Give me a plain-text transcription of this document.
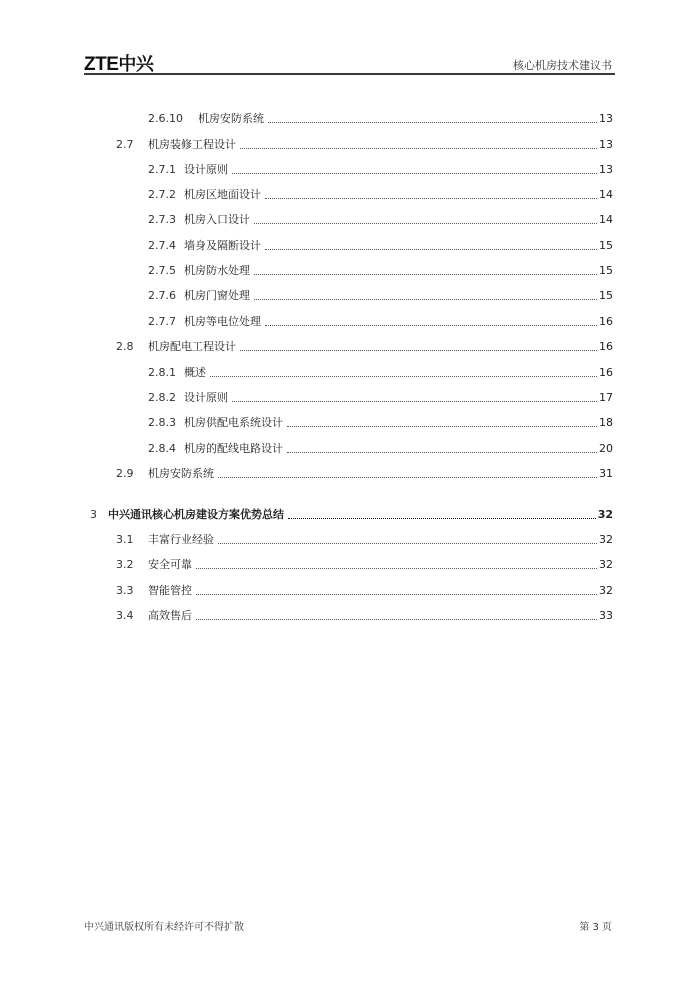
ZTE中兴	核心机房技术建议书
2.6.10	机房安防系统	13
2.7	机房装修工程设计	13
2.7.1 设计原则	13
2.7.2 机房区地面设计	14
2.7.3 机房入口设计	14
2.7.4 墙身及隔断设计	15
2.7.5 机房防水处理	15
2.7.6 机房门窗处理	15
2.7.7 机房等电位处理	16
2.8	机房配电工程设计	16
2.8.1 概述	16
2.8.2 设计原则	17
2.8.3 机房供配电系统设计	18
2.8.4 机房的配线电路设计	20
2.9	机房安防系统	31
3	中兴通讯核心机房建设方案优势总结	32
3.1	丰富行业经验	32
3.2	安全可靠	32
3.3	智能管控	32
3.4	高效售后	33
中兴通讯版权所有未经许可不得扩散	第 3 页
